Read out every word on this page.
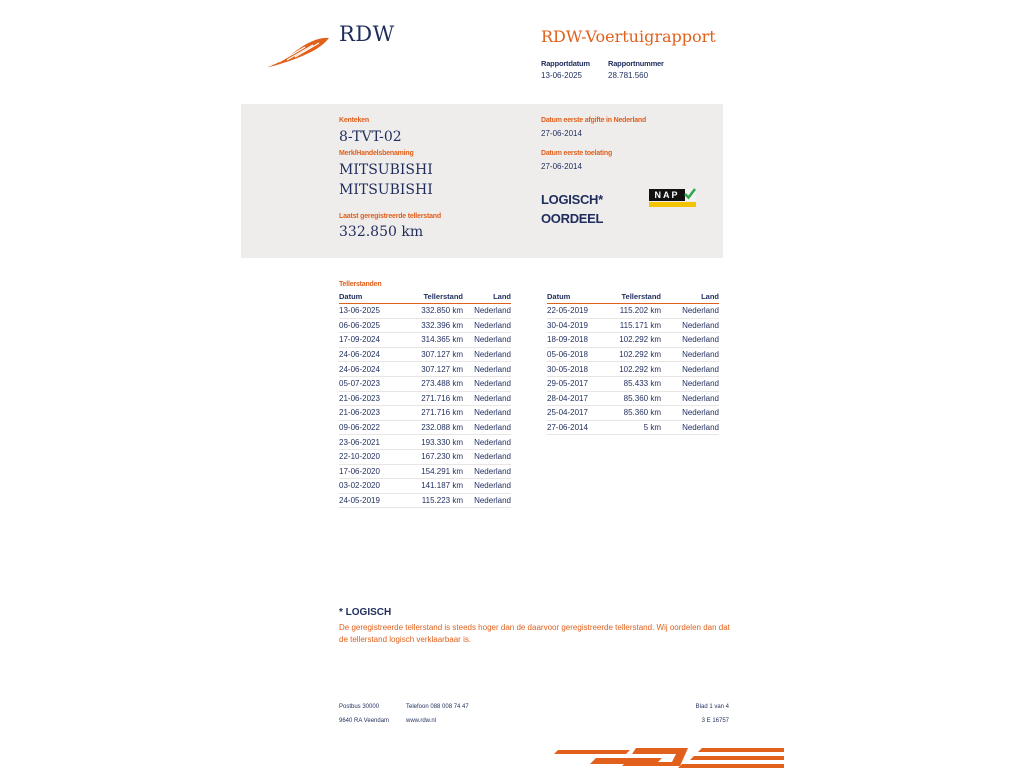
RDW	RDW-Voertuigrapport
Rapportdatum Rapportnummer
13-06-2025	28.781.560
Kenteken
8-TVT-02
Merk/Handelsbenaming
MITSUBISHI
MITSUBISHI
Laatst geregistreerde tellerstand
332.850 km
Datum eerste afgifte in Nederland
27-06-2014
Datum eerste toelating
27-06-2014
LOGISCH*
OORDEEL
NAP
Tellerstanden
Datum	Tellerstand	Land
13-06-2025	332.850 km	Nederland
06-06-2025	332.396 km	Nederland
17-09-2024	314.365 km	Nederland
24-06-2024	307.127 km	Nederland
24-06-2024	307.127 km	Nederland
05-07-2023	273.488 km	Nederland
21-06-2023	271.716 km	Nederland
21-06-2023	271.716 km	Nederland
09-06-2022	232.088 km	Nederland
23-06-2021	193.330 km	Nederland
22-10-2020	167.230 km	Nederland
17-06-2020	154.291 km	Nederland
03-02-2020	141.187 km	Nederland
24-05-2019	115.223 km	Nederland
Datum	Tellerstand	Land
22-05-2019	115.202 km	Nederland
30-04-2019	115.171 km	Nederland
18-09-2018	102.292 km	Nederland
05-06-2018	102.292 km	Nederland
30-05-2018	102.292 km	Nederland
29-05-2017	85.433 km	Nederland
28-04-2017	85.360 km	Nederland
25-04-2017	85.360 km	Nederland
27-06-2014	5 km	Nederland
* LOGISCH
De geregistreerde tellerstand is steeds hoger dan de daarvoor geregistreerde tellerstand. Wij oordelen dan dat de tellerstand logisch verklaarbaar is.
Postbus 30000
9640 RA Veendam
Telefoon 088 008 74 47
www.rdw.nl
Blad 1 van 4
3 E 16757
